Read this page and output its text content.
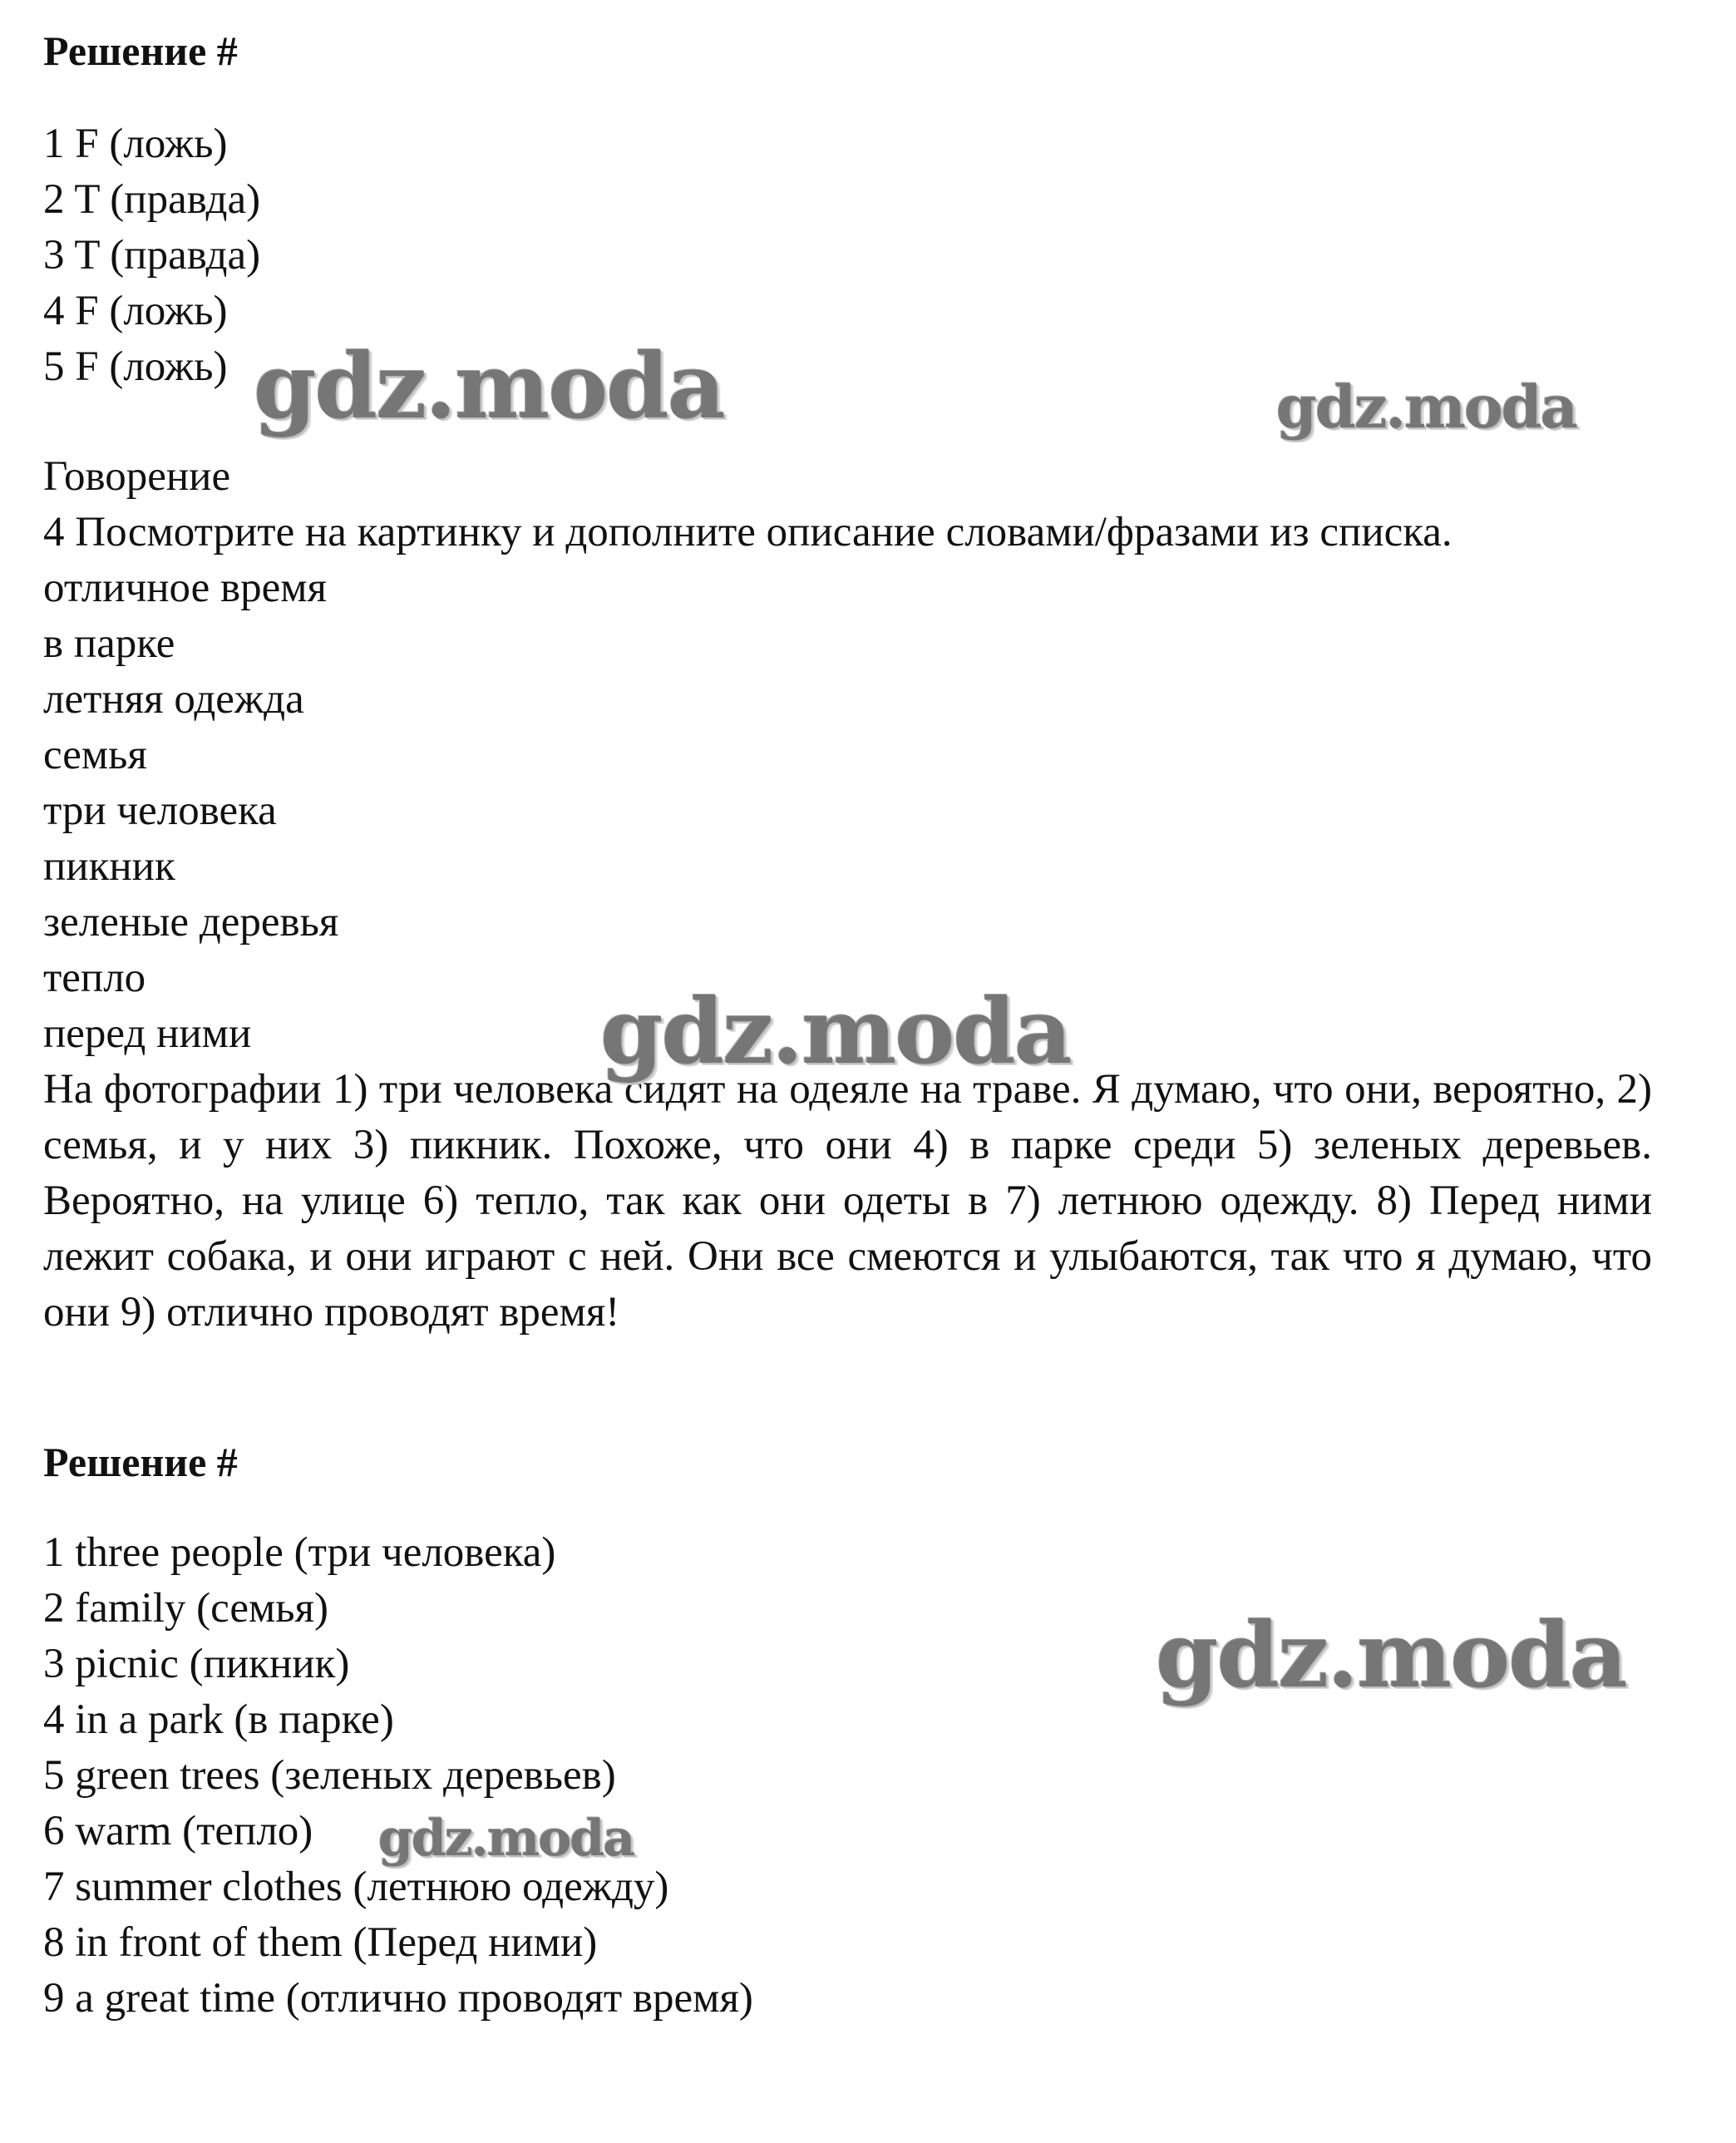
Решение #
1 F (ложь)
2 T (правда)
3 T (правда)
4 F (ложь)
5 F (ложь)
Говорение
4 Посмотрите на картинку и дополните описание словами/фразами из списка.
отличное время
в парке
летняя одежда
семья
три человека
пикник
зеленые деревья
тепло
перед ними

На фотографии 1) три человека сидят на одеяле на траве. Я думаю, что они, вероятно, 2) семья, и у них 3) пикник. Похоже, что они 4) в парке среди 5) зеленых деревьев. Вероятно, на улице 6) тепло, так как они одеты в 7) летнюю одежду. 8) Перед ними лежит собака, и они играют с ней. Они все смеются и улыбаются, так что я думаю, что они 9) отлично проводят время!

Решение #
1 three people (три человека)
2 family (семья)
3 picnic (пикник)
4 in a park (в парке)
5 green trees (зеленых деревьев)
6 warm (тепло)
7 summer clothes (летнюю одежду)
8 in front of them (Перед ними)
9 a great time (отлично проводят время)
gdz.moda	gdz.moda
gdz.moda
gdz.moda
gdz.moda
